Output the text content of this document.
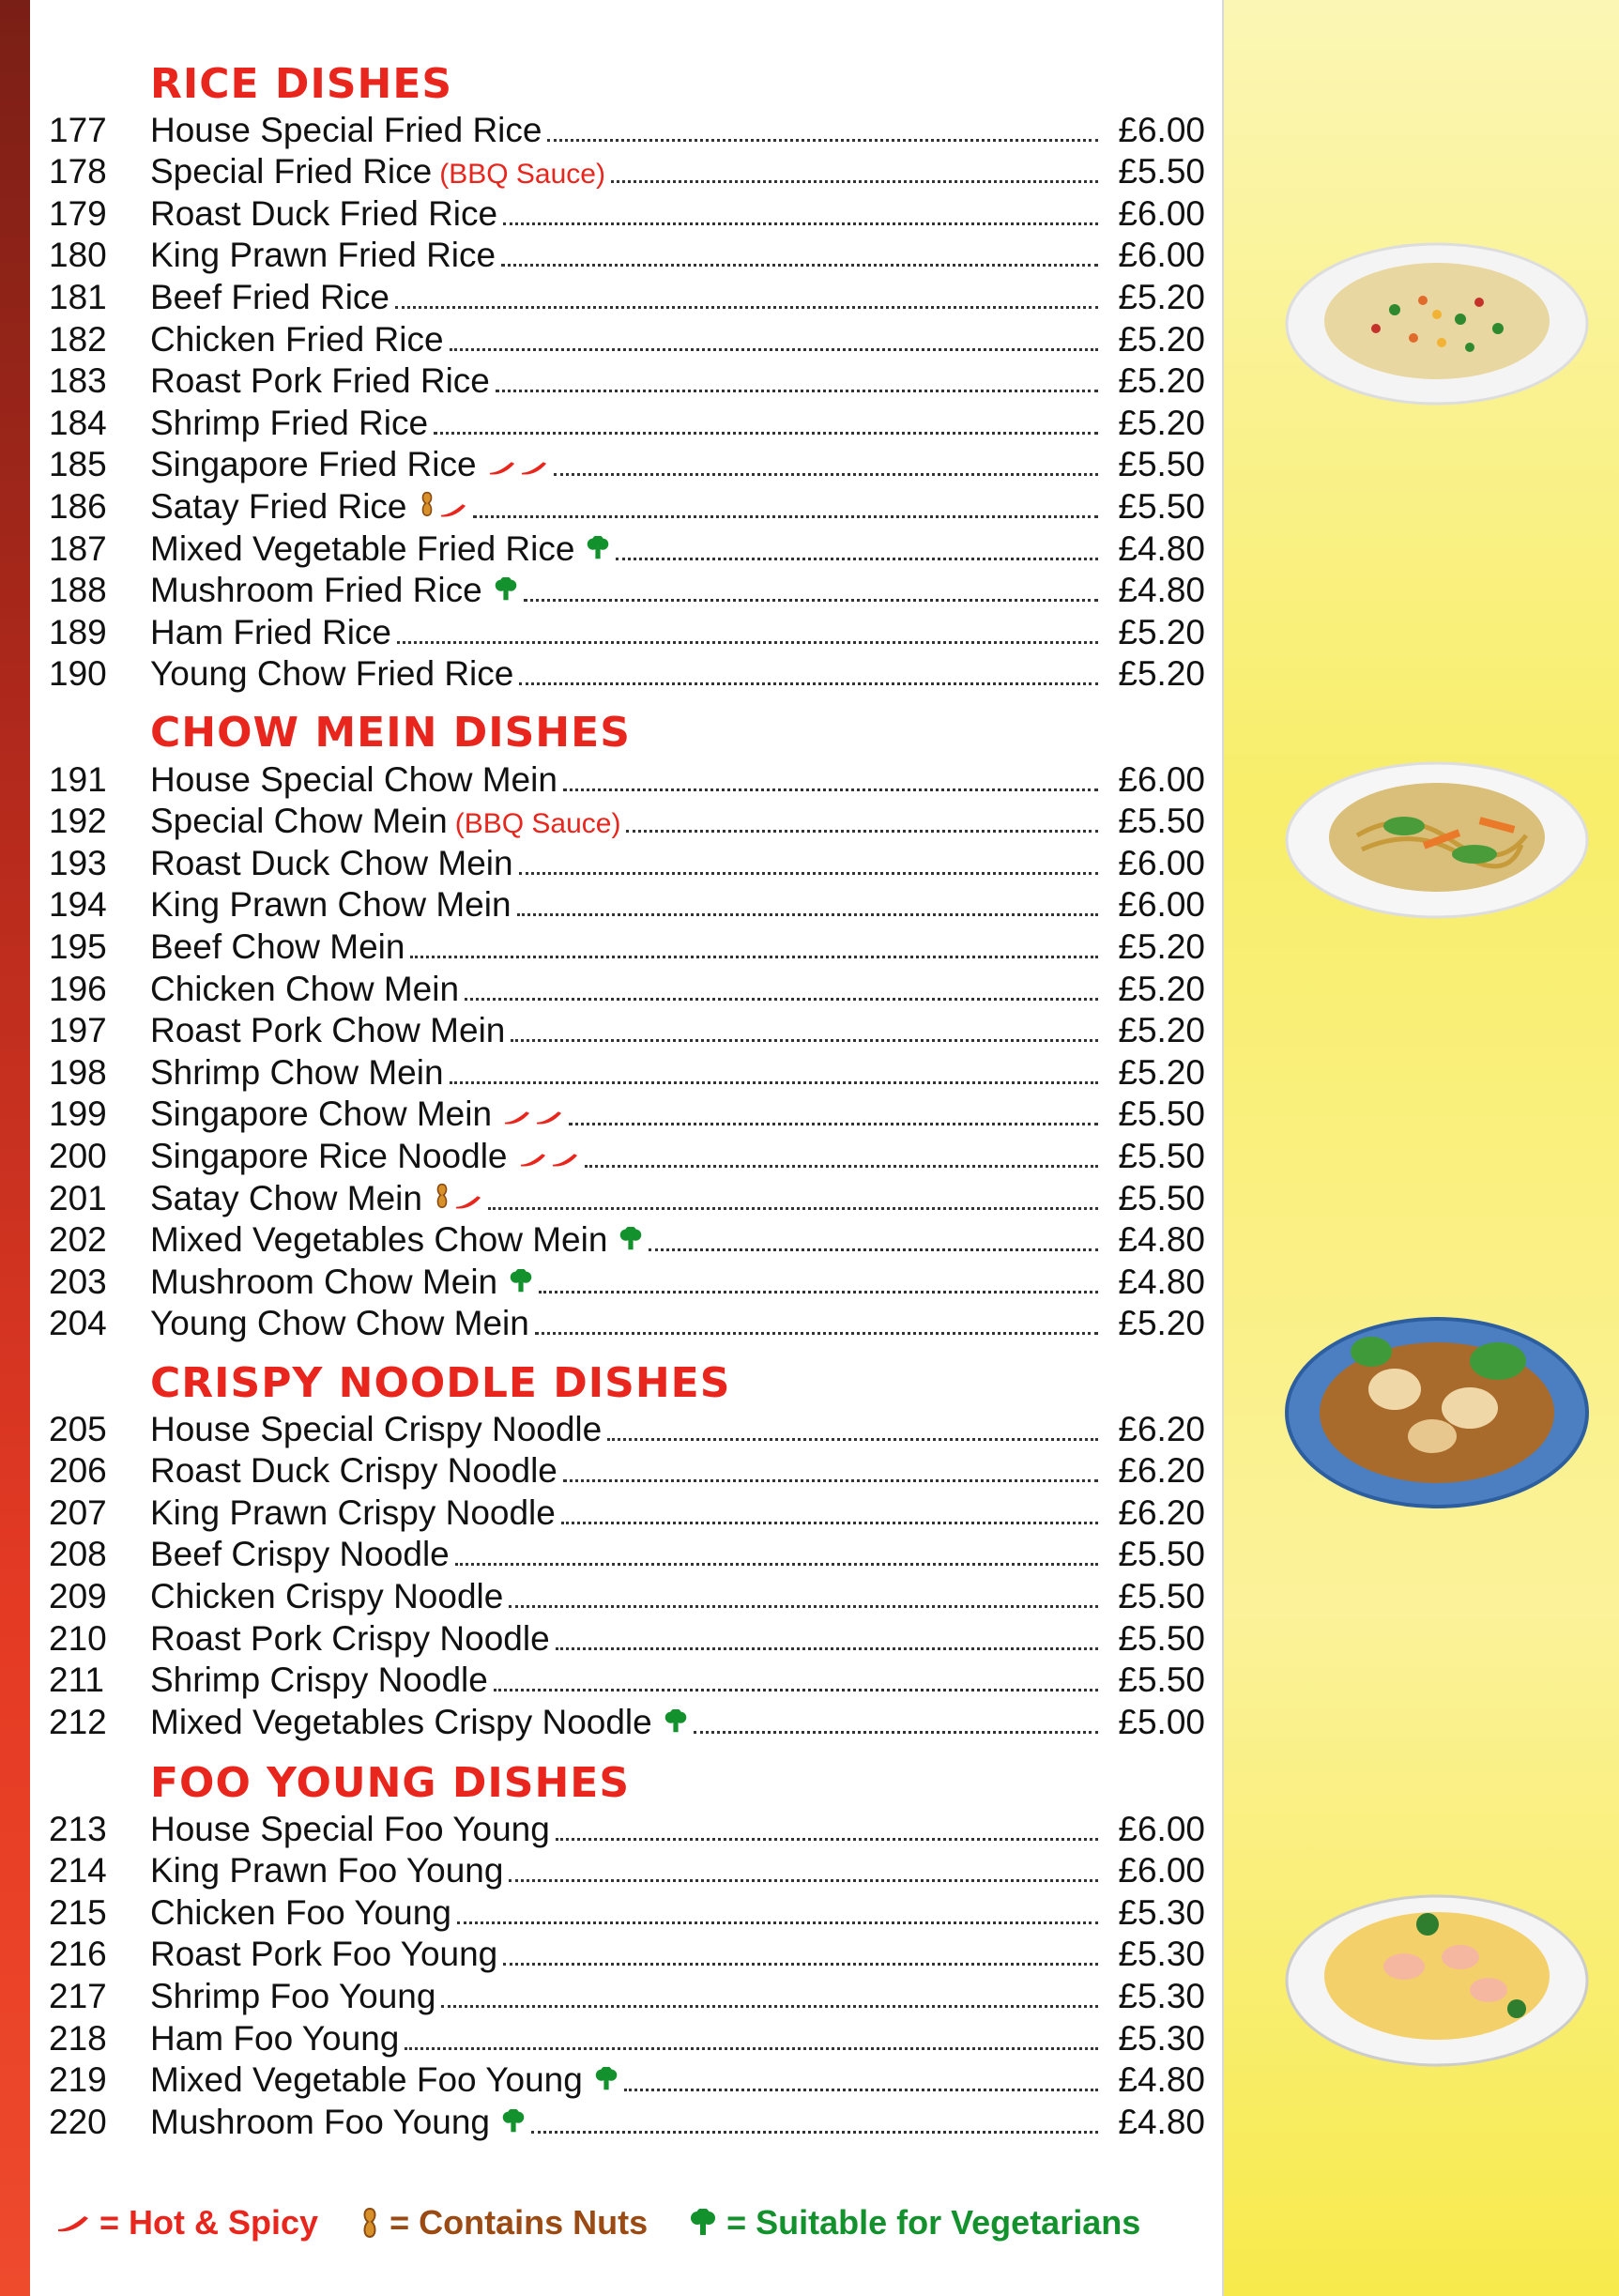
RICE DISHES
CHOW MEIN DISHES
CRISPY NOODLE DISHES
FOO YOUNG DISHES
177	House Special Fried Rice	£6.00
178	Special Fried Rice (BBQ Sauce)	£5.50
179	Roast Duck Fried Rice	£6.00
180	King Prawn Fried Rice	£6.00
181	Beef Fried Rice	£5.20
182	Chicken Fried Rice	£5.20
183	Roast Pork Fried Rice	£5.20
184	Shrimp Fried Rice	£5.20
185	Singapore Fried Rice	£5.50
186	Satay Fried Rice	£5.50
187	Mixed Vegetable Fried Rice	£4.80
188	Mushroom Fried Rice	£4.80
189	Ham Fried Rice	£5.20
190	Young Chow Fried Rice	£5.20
191	House Special Chow Mein	£6.00
192	Special Chow Mein (BBQ Sauce)	£5.50
193	Roast Duck Chow Mein	£6.00
194	King Prawn Chow Mein	£6.00
195	Beef Chow Mein	£5.20
196	Chicken Chow Mein	£5.20
197	Roast Pork Chow Mein	£5.20
198	Shrimp Chow Mein	£5.20
199	Singapore Chow Mein	£5.50
200	Singapore Rice Noodle	£5.50
201	Satay Chow Mein	£5.50
202	Mixed Vegetables Chow Mein	£4.80
203	Mushroom Chow Mein	£4.80
204	Young Chow Chow Mein	£5.20
205	House Special Crispy Noodle	£6.20
206	Roast Duck Crispy Noodle	£6.20
207	King Prawn Crispy Noodle	£6.20
208	Beef Crispy Noodle	£5.50
209	Chicken Crispy Noodle	£5.50
210	Roast Pork Crispy Noodle	£5.50
211	Shrimp Crispy Noodle	£5.50
212	Mixed Vegetables Crispy Noodle	£5.00
213	House Special Foo Young	£6.00
214	King Prawn Foo Young	£6.00
215	Chicken Foo Young	£5.30
216	Roast Pork Foo Young	£5.30
217	Shrimp Foo Young	£5.30
218	Ham Foo Young	£5.30
219	Mixed Vegetable Foo Young	£4.80
220	Mushroom Foo Young	£4.80
= Hot & Spicy = Contains Nuts = Suitable for Vegetarians
